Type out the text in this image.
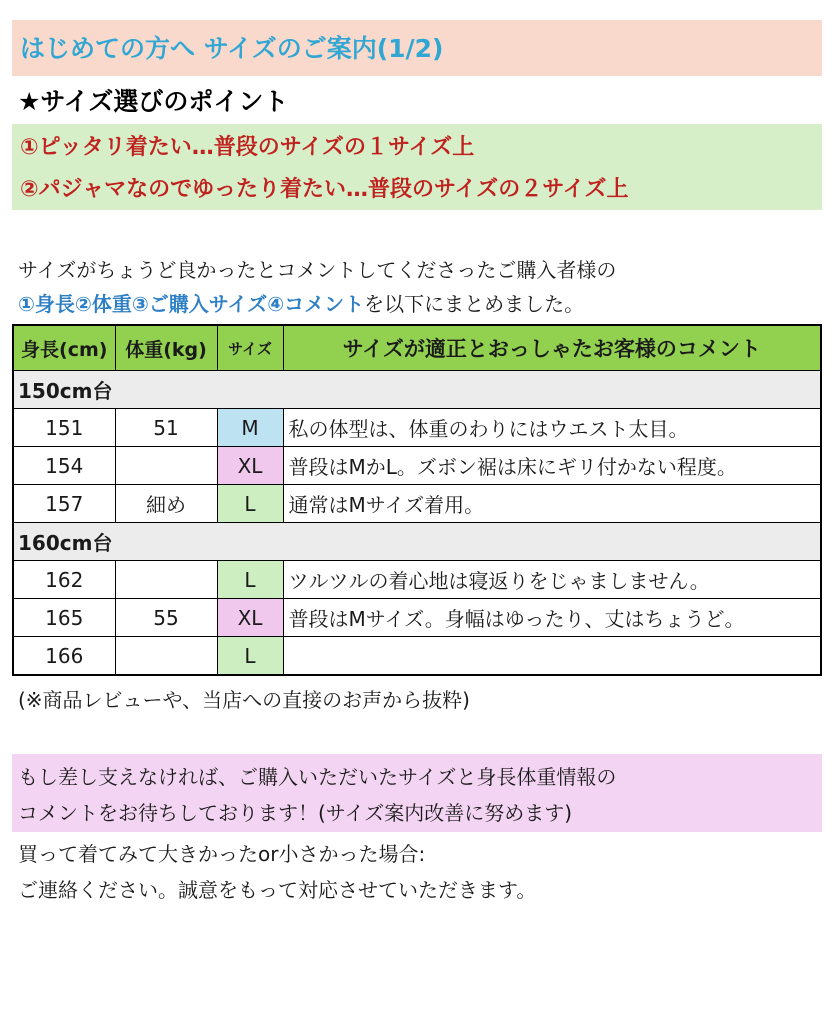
はじめての方へ サイズのご案内(1/2)
★サイズ選びのポイント
①ピッタリ着たい…普段のサイズの１サイズ上
②パジャマなのでゆったり着たい…普段のサイズの２サイズ上
サイズがちょうど良かったとコメントしてくださったご購入者様の
①身長②体重③ご購入サイズ④コメントを以下にまとめました。
身長(cm)	体重(kg)	サイズ	サイズが適正とおっしゃたお客様のコメント
150cm台			
151	51	M	私の体型は、体重のわりにはウエスト太目。
154		XL	普段はMかL。ズボン裾は床にギリ付かない程度。
157	細め	L	通常はMサイズ着用。
160cm台			
162		L	ツルツルの着心地は寝返りをじゃましません。
165	55	XL	普段はMサイズ。身幅はゆったり、丈はちょうど。
166		L	
(※商品レビューや、当店への直接のお声から抜粋)
もし差し支えなければ、ご購入いただいたサイズと身長体重情報の
コメントをお待ちしております！(サイズ案内改善に努めます)
買って着てみて大きかったor小さかった場合:
ご連絡ください。誠意をもって対応させていただきます。
